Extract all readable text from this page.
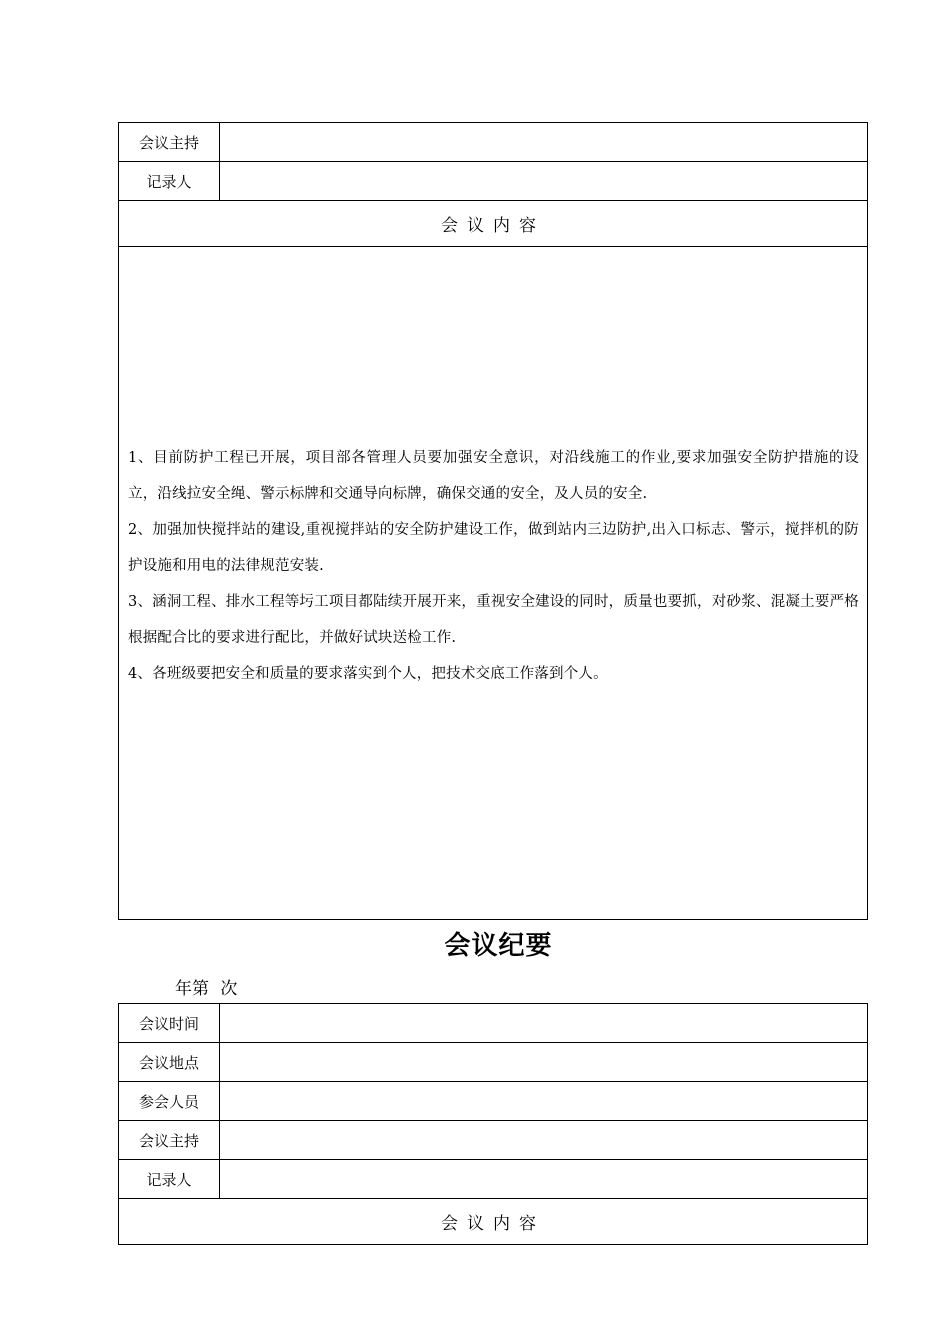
会议主持	
记录人	
会议内容	

1、目前防护工程已开展，项目部各管理人员要加强安全意识，对沿线施工的作业,要求加强安全防护措施的设立，沿线拉安全绳、警示标牌和交通导向标牌，确保交通的安全，及人员的安全.

2、加强加快搅拌站的建设,重视搅拌站的安全防护建设工作，做到站内三边防护,出入口标志、警示，搅拌机的防护设施和用电的法律规范安装.

3、涵洞工程、排水工程等圬工项目都陆续开展开来，重视安全建设的同时，质量也要抓，对砂浆、混凝土要严格根据配合比的要求进行配比，并做好试块送检工作.

4、各班级要把安全和质量的要求落实到个人，把技术交底工作落到个人。	

会议纪要
年第 次
会议时间	
会议地点	
参会人员	
会议主持	
记录人	
会议内容	
